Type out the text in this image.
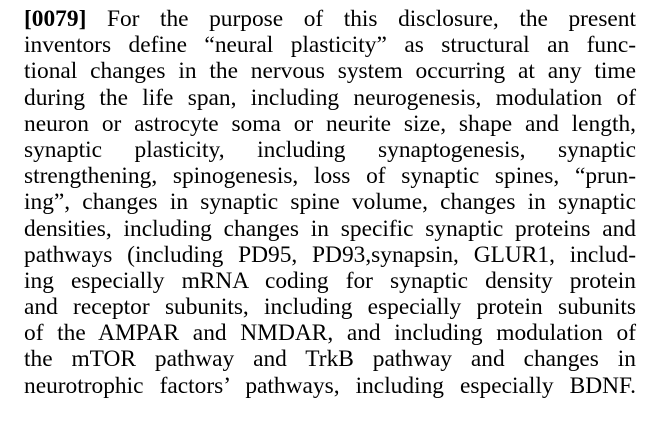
[0079] For the purpose of this disclosure, the present
inventors define “neural plasticity” as structural an func-
tional changes in the nervous system occurring at any time
during the life span, including neurogenesis, modulation of
neuron or astrocyte soma or neurite size, shape and length,
synaptic plasticity, including synaptogenesis, synaptic
strengthening, spinogenesis, loss of synaptic spines, “prun-
ing”, changes in synaptic spine volume, changes in synaptic
densities, including changes in specific synaptic proteins and
pathways (including PD95, PD93,synapsin, GLUR1, includ-
ing especially mRNA coding for synaptic density protein
and receptor subunits, including especially protein subunits
of the AMPAR and NMDAR, and including modulation of
the mTOR pathway and TrkB pathway and changes in
neurotrophic factors’ pathways, including especially BDNF.
